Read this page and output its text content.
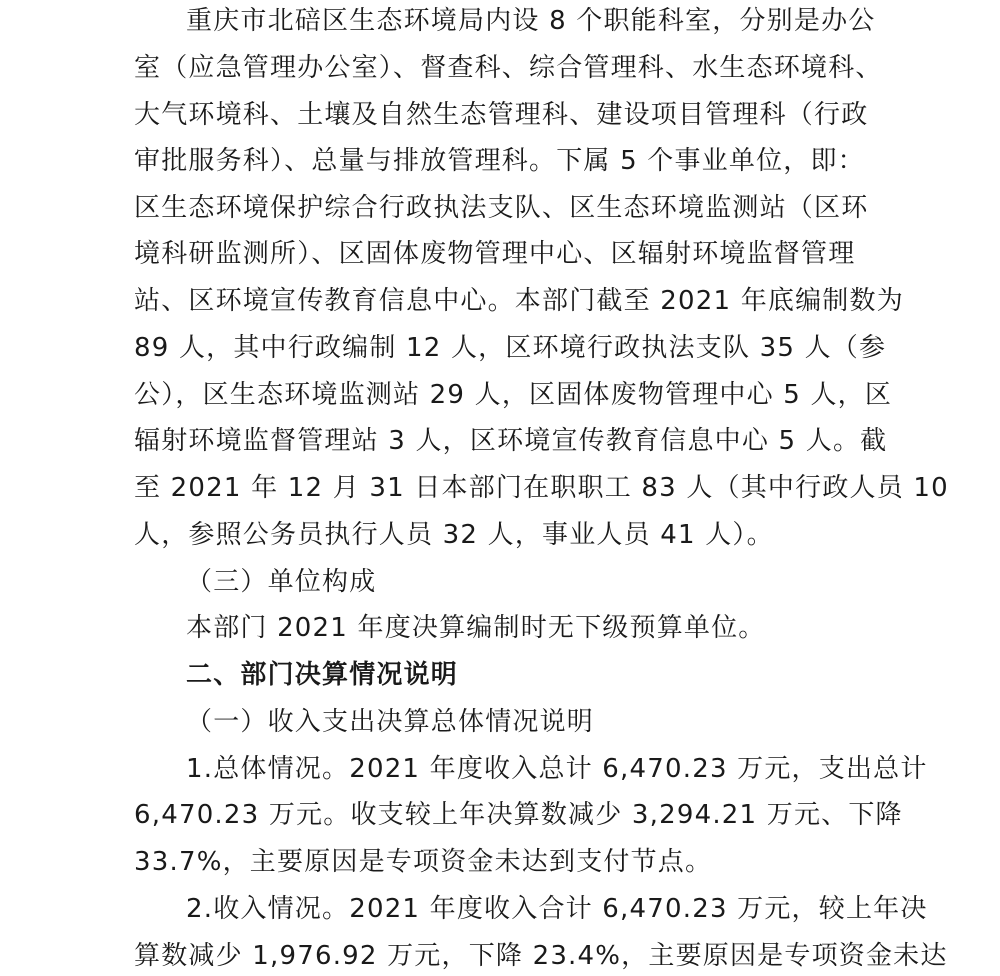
重庆市北碚区生态环境局内设 8 个职能科室，分别是办公
室（应急管理办公室）、督查科、综合管理科、水生态环境科、
大气环境科、土壤及自然生态管理科、建设项目管理科（行政
审批服务科）、总量与排放管理科。下属 5 个事业单位，即：
区生态环境保护综合行政执法支队、区生态环境监测站（区环
境科研监测所）、区固体废物管理中心、区辐射环境监督管理
站、区环境宣传教育信息中心。本部门截至 2021 年底编制数为
89 人，其中行政编制 12 人，区环境行政执法支队 35 人（参
公），区生态环境监测站 29 人，区固体废物管理中心 5 人，区
辐射环境监督管理站 3 人，区环境宣传教育信息中心 5 人。截
至 2021 年 12 月 31 日本部门在职职工 83 人（其中行政人员 10
人，参照公务员执行人员 32 人，事业人员 41 人）。
（三）单位构成
本部门 2021 年度决算编制时无下级预算单位。
二、部门决算情况说明
（一）收入支出决算总体情况说明
1.总体情况。2021 年度收入总计 6,470.23 万元，支出总计
6,470.23 万元。收支较上年决算数减少 3,294.21 万元、下降
33.7%，主要原因是专项资金未达到支付节点。
2.收入情况。2021 年度收入合计 6,470.23 万元，较上年决
算数减少 1,976.92 万元，下降 23.4%，主要原因是专项资金未达
